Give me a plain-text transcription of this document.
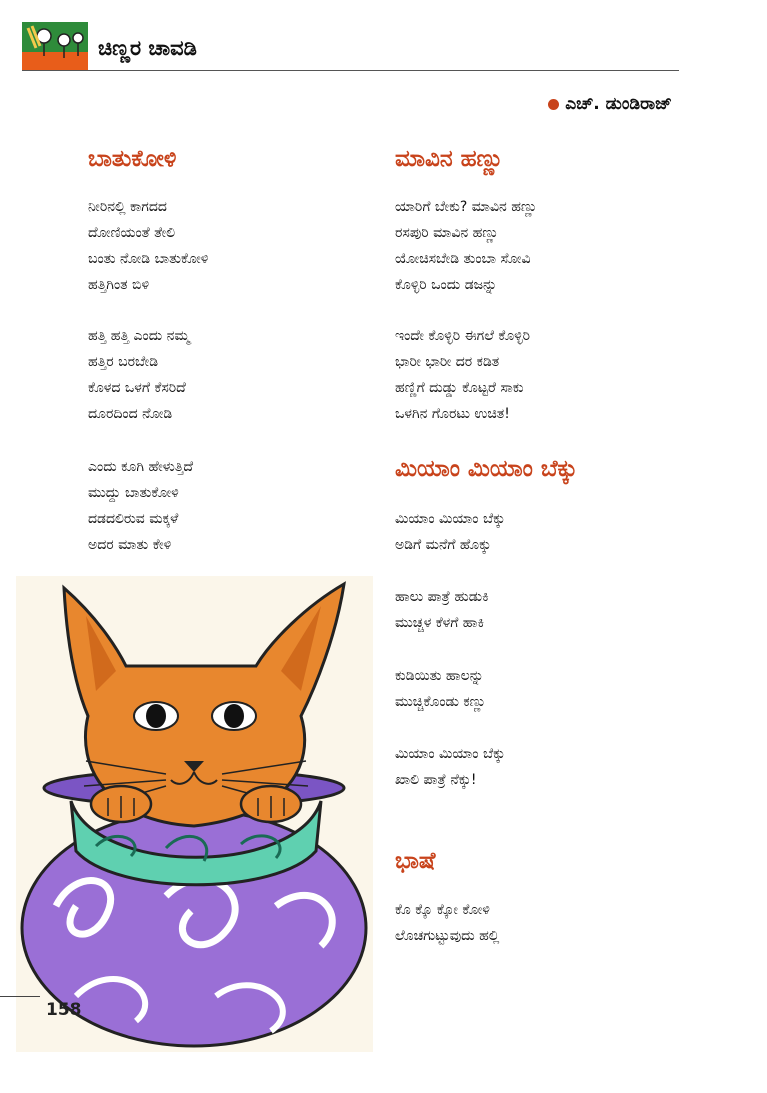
ಚಿಣ್ಣರ ಚಾವಡಿ
ಎಚ್. ಡುಂಡಿರಾಜ್
ಬಾತುಕೋಳಿ
ನೀರಿನಲ್ಲಿ ಕಾಗದದ
ದೋಣಿಯಂತೆ ತೇಲಿ
ಬಂತು ನೋಡಿ ಬಾತುಕೋಳಿ
ಹತ್ತಿಗಿಂತ ಬಿಳಿ
ಹತ್ತಿ ಹತ್ತಿ ಎಂದು ನಮ್ಮ
ಹತ್ತಿರ ಬರಬೇಡಿ
ಕೊಳದ ಒಳಗೆ ಕೆಸರಿದೆ
ದೂರದಿಂದ ನೋಡಿ
ಎಂದು ಕೂಗಿ ಹೇಳುತ್ತಿದೆ
ಮುದ್ದು ಬಾತುಕೋಳಿ
ದಡದಲಿರುವ ಮಕ್ಕಳೆ
ಅದರ ಮಾತು ಕೇಳಿ
ಮಾವಿನ ಹಣ್ಣು
ಯಾರಿಗೆ ಬೇಕು? ಮಾವಿನ ಹಣ್ಣು
ರಸಪುರಿ ಮಾವಿನ ಹಣ್ಣು
ಯೋಚಿಸಬೇಡಿ ತುಂಬಾ ಸೋವಿ
ಕೊಳ್ಳಿರಿ ಒಂದು ಡಜನ್ನು
ಇಂದೇ ಕೊಳ್ಳಿರಿ ಈಗಲೆ ಕೊಳ್ಳಿರಿ
ಭಾರೀ ಭಾರೀ ದರ ಕಡಿತ
ಹಣ್ಣಿಗೆ ದುಡ್ಡು ಕೊಟ್ಟರೆ ಸಾಕು
ಒಳಗಿನ ಗೊರಟು ಉಚಿತ!
ಮಿಯಾಂ ಮಿಯಾಂ ಬೆಕ್ಕು
ಮಿಯಾಂ ಮಿಯಾಂ ಬೆಕ್ಕು
ಅಡಿಗೆ ಮನೆಗೆ ಹೊಕ್ಕು
ಹಾಲು ಪಾತ್ರೆ ಹುಡುಕಿ
ಮುಚ್ಚಳ ಕೆಳಗೆ ಹಾಕಿ
ಕುಡಿಯಿತು ಹಾಲನ್ನು
ಮುಚ್ಚಿಕೊಂಡು ಕಣ್ಣು
ಮಿಯಾಂ ಮಿಯಾಂ ಬೆಕ್ಕು
ಖಾಲಿ ಪಾತ್ರೆ ನೆಕ್ಕು!
ಭಾಷೆ
ಕೊ ಕ್ಕೊ ಕ್ಕೋ ಕೋಳಿ
ಲೊಚಗುಟ್ಟುವುದು ಹಲ್ಲಿ
158
